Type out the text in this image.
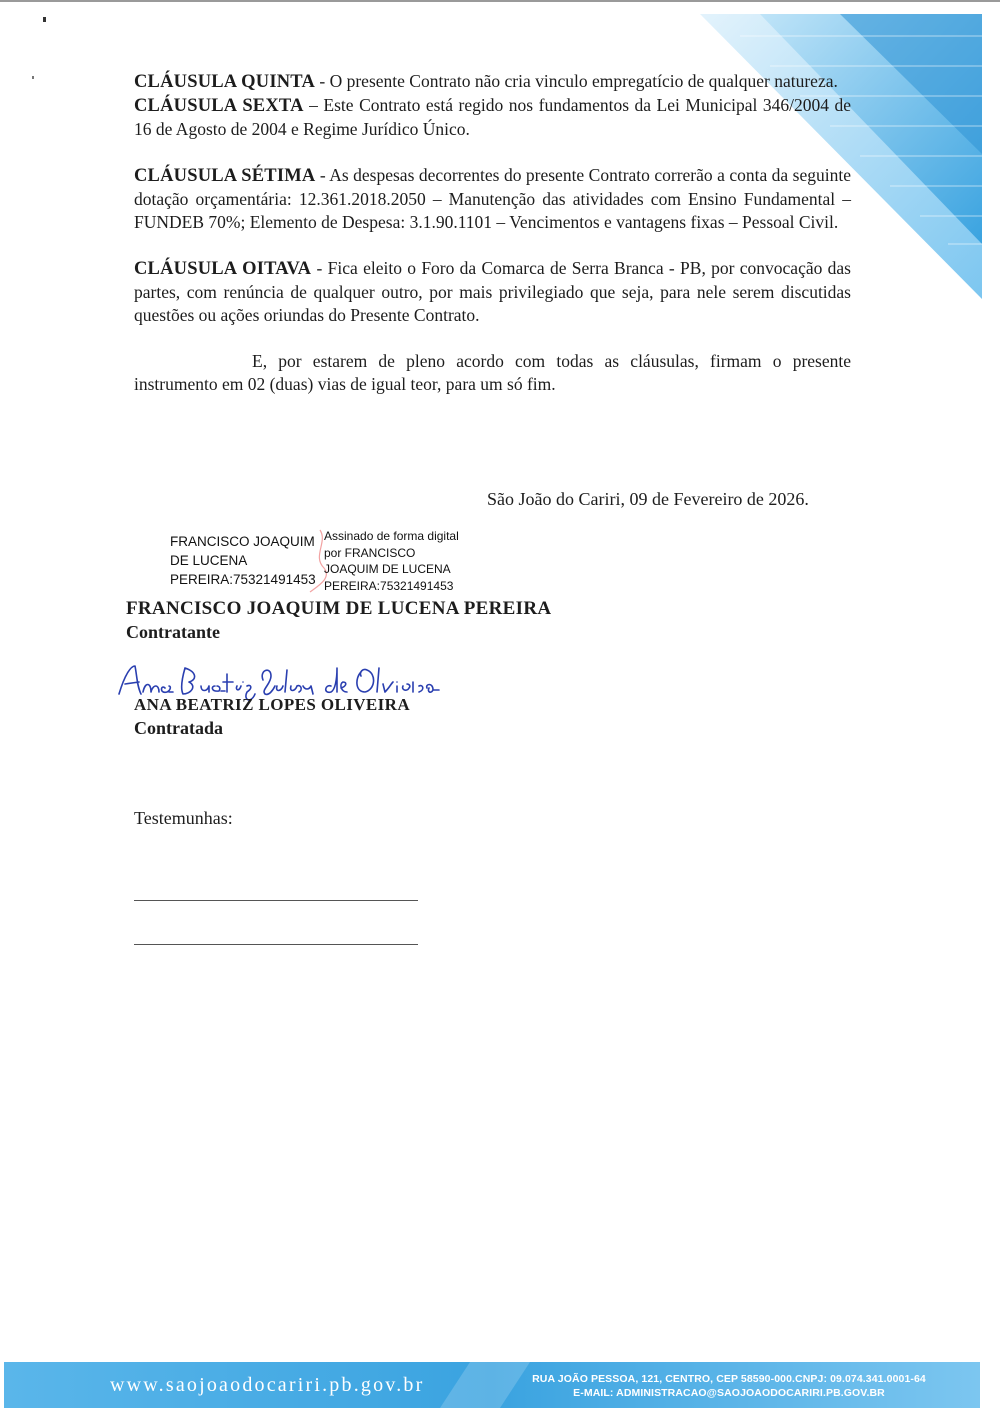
CLÁUSULA QUINTA - O presente Contrato não cria vinculo empregatício de qualquer natureza.

CLÁUSULA SEXTA – Este Contrato está regido nos fundamentos da Lei Municipal 346/2004 de 16 de Agosto de 2004 e Regime Jurídico Único.

CLÁUSULA SÉTIMA - As despesas decorrentes do presente Contrato correrão a conta da seguinte dotação orçamentária: 12.361.2018.2050 – Manutenção das atividades com Ensino Fundamental – FUNDEB 70%; Elemento de Despesa: 3.1.90.1101 – Vencimentos e vantagens fixas – Pessoal Civil.

CLÁUSULA OITAVA - Fica eleito o Foro da Comarca de Serra Branca - PB, por convocação das partes, com renúncia de qualquer outro, por mais privilegiado que seja, para nele serem discutidas questões ou ações oriundas do Presente Contrato.

E, por estarem de pleno acordo com todas as cláusulas, firmam o presente instrumento em 02 (duas) vias de igual teor, para um só fim.

São João do Cariri, 09 de Fevereiro de 2026.
FRANCISCO JOAQUIM
DE LUCENA
PEREIRA:75321491453
Assinado de forma digital
por FRANCISCO
JOAQUIM DE LUCENA
PEREIRA:75321491453
FRANCISCO JOAQUIM DE LUCENA PEREIRA
Contratante
ANA BEATRIZ LOPES OLIVEIRA
Contratada
Testemunhas:
www.saojoaodocariri.pb.gov.br	RUA JOÃO PESSOA, 121, CENTRO, CEP 58590-000.CNPJ: 09.074.341.0001-64
E-MAIL: ADMINISTRACAO@SAOJOAODOCARIRI.PB.GOV.BR
